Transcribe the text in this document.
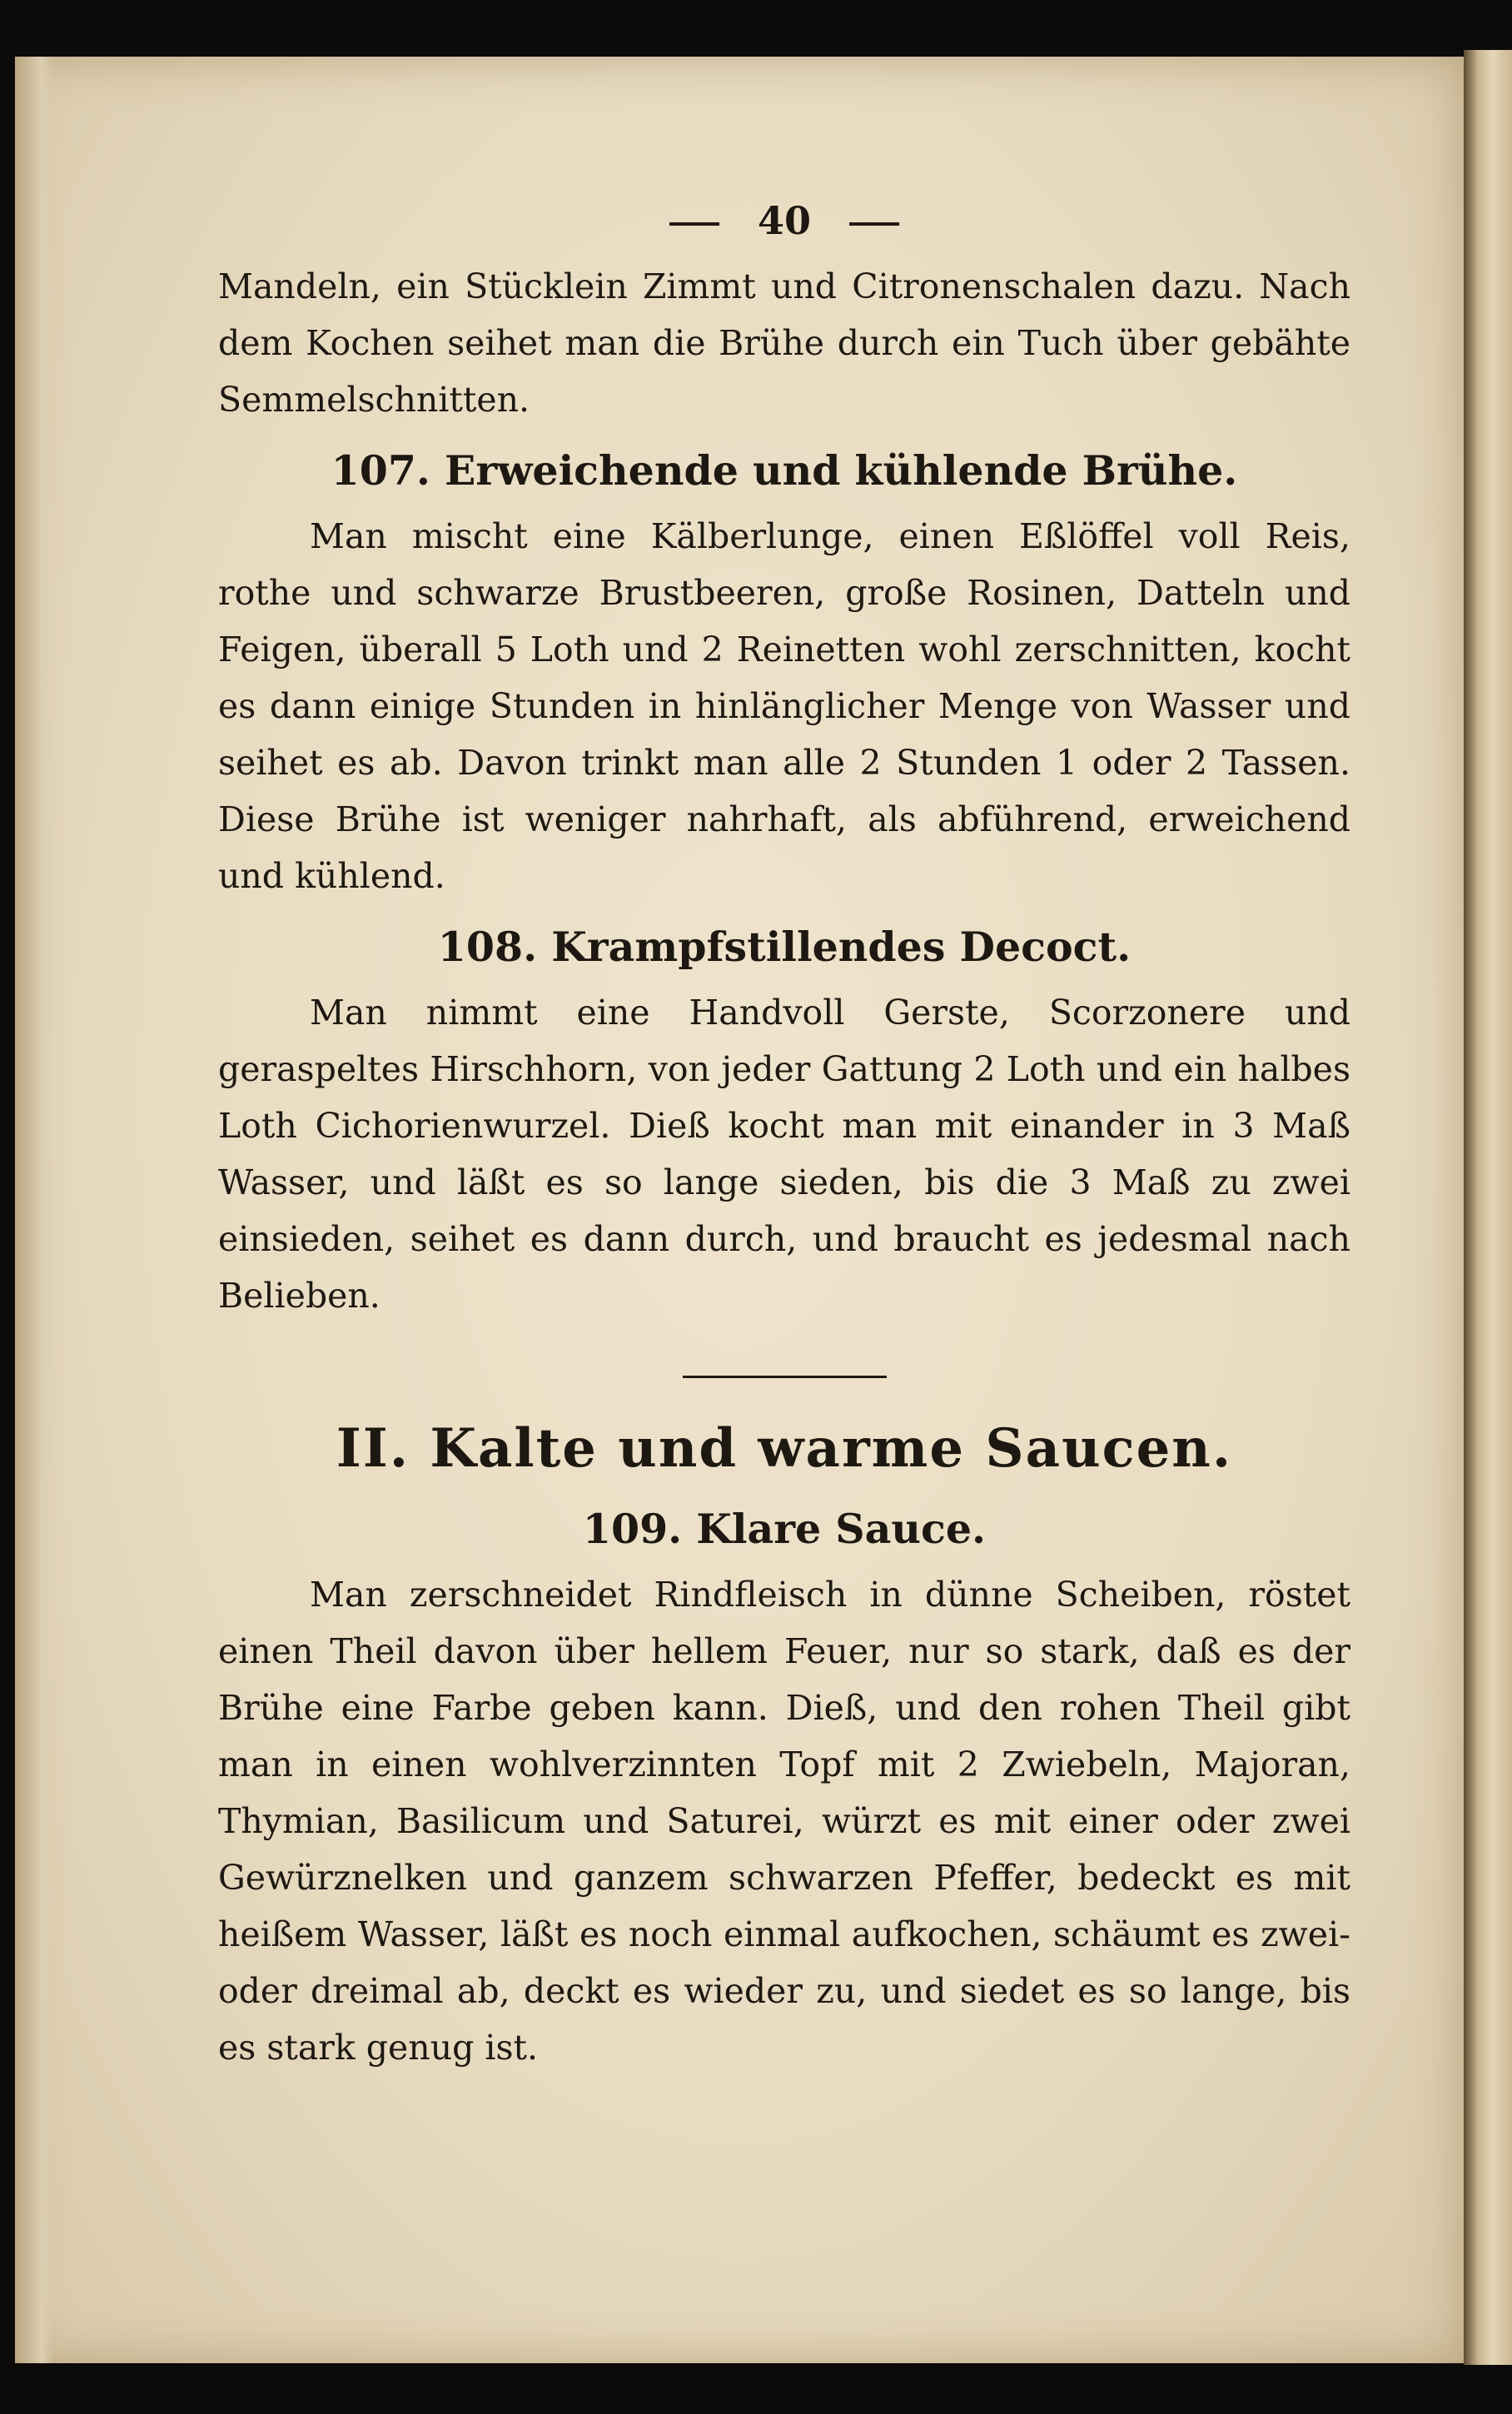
40

Mandeln, ein Stücklein Zimmt und Citronenschalen dazu. Nach dem Kochen seihet man die Brühe durch ein Tuch über gebähte Semmelschnitten.

107. Erweichende und kühlende Brühe.

Man mischt eine Kälberlunge, einen Eßlöffel voll Reis, rothe und schwarze Brustbeeren, große Rosinen, Datteln und Feigen, überall 5 Loth und 2 Reinetten wohl zerschnitten, kocht es dann einige Stunden in hinlänglicher Menge von Wasser und seihet es ab. Davon trinkt man alle 2 Stunden 1 oder 2 Tassen. Diese Brühe ist weniger nahrhaft, als abführend, erweichend und kühlend.

108. Krampfstillendes Decoct.

Man nimmt eine Handvoll Gerste, Scorzonere und geraspeltes Hirschhorn, von jeder Gattung 2 Loth und ein halbes Loth Cichorienwurzel. Dieß kocht man mit einander in 3 Maß Wasser, und läßt es so lange sieden, bis die 3 Maß zu zwei einsieden, seihet es dann durch, und braucht es jedesmal nach Belieben.

II. Kalte und warme Saucen.
109. Klare Sauce.

Man zerschneidet Rindfleisch in dünne Scheiben, röstet einen Theil davon über hellem Feuer, nur so stark, daß es der Brühe eine Farbe geben kann. Dieß, und den rohen Theil gibt man in einen wohlverzinnten Topf mit 2 Zwiebeln, Majoran, Thymian, Basilicum und Saturei, würzt es mit einer oder zwei Gewürznelken und ganzem schwarzen Pfeffer, bedeckt es mit heißem Wasser, läßt es noch einmal aufkochen, schäumt es zwei- oder dreimal ab, deckt es wieder zu, und siedet es so lange, bis es stark genug ist.
